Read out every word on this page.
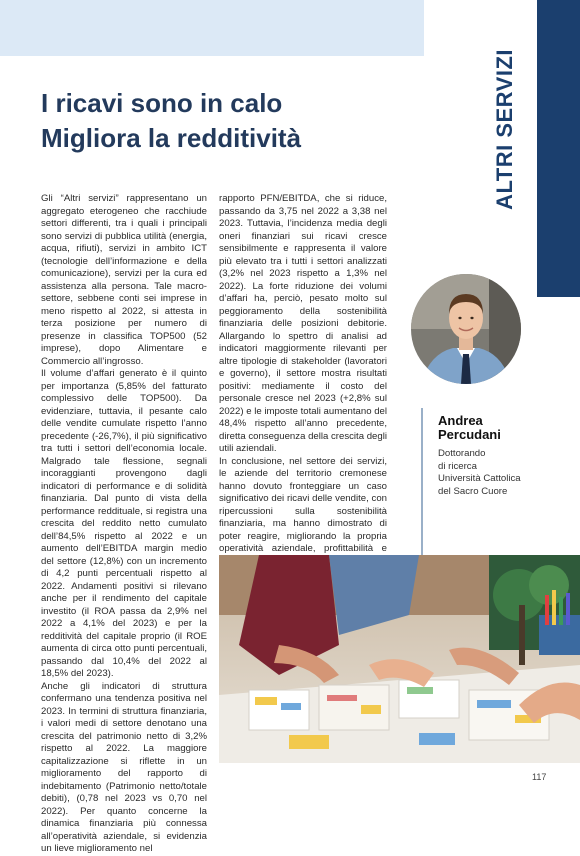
ALTRI SERVIZI
I ricavi sono in calo
Migliora la redditività

Gli “Altri servizi” rappresentano un aggregato eterogeneo che racchiude settori differenti, tra i quali i principali sono servizi di pubblica utilità (energia, acqua, rifiuti), servizi in ambito ICT (tecnologie dell’informazione e della comunicazione), servizi per la cura ed assistenza alla persona. Tale macro-settore, sebbene conti sei imprese in meno rispetto al 2022, si attesta in terza posizione per numero di presenze in classifica TOP500 (52 imprese), dopo Alimentare e Commercio all’ingrosso.

Il volume d’affari generato è il quinto per importanza (5,85% del fatturato complessivo delle TOP500). Da evidenziare, tuttavia, il pesante calo delle vendite cumulate rispetto l’anno precedente (-26,7%), il più significativo tra tutti i settori dell’economia locale. Malgrado tale flessione, segnali incoraggianti provengono dagli indicatori di performance e di solidità finanziaria. Dal punto di vista della performance reddituale, si registra una crescita del reddito netto cumulato dell’84,5% rispetto al 2022 e un aumento dell’EBITDA margin medio del settore (12,8%) con un incremento di 4,2 punti percentuali rispetto al 2022. Andamenti positivi si rilevano anche per il rendimento del capitale investito (il ROA passa da 2,9% nel 2022 a 4,1% del 2023) e per la redditività del capitale proprio (il ROE aumenta di circa otto punti percentuali, passando dal 10,4% del 2022 al 18,5% del 2023).

Anche gli indicatori di struttura confermano una tendenza positiva nel 2023. In termini di struttura finanziaria, i valori medi di settore denotano una crescita del patrimonio netto di 3,2% rispetto al 2022. La maggiore capitalizzazione si riflette in un miglioramento del rapporto di indebitamento (Patrimonio netto/totale debiti), (0,78 nel 2023 vs 0,70 nel 2022). Per quanto concerne la dinamica finanziaria più connessa all’operatività aziendale, si evidenzia un lieve miglioramento nel

rapporto PFN/EBITDA, che si riduce, passando da 3,75 nel 2022 a 3,38 nel 2023. Tuttavia, l’incidenza media degli oneri finanziari sui ricavi cresce sensibilmente e rappresenta il valore più elevato tra i tutti i settori analizzati (3,2% nel 2023 rispetto a 1,3% nel 2022). La forte riduzione dei volumi d’affari ha, perciò, pesato molto sul peggioramento della sostenibilità finanziaria delle posizioni debitorie. Allargando lo spettro di analisi ad indicatori maggiormente rilevanti per altre tipologie di stakeholder (lavoratori e governo), il settore mostra risultati positivi: mediamente il costo del personale cresce nel 2023 (+2,8% sul 2022) e le imposte totali aumentano del 48,4% rispetto all’anno precedente, diretta conseguenza della crescita degli utili aziendali.

In conclusione, nel settore dei servizi, le aziende del territorio cremonese hanno dovuto fronteggiare un caso significativo dei ricavi delle vendite, con ripercussioni sulla sostenibilità finanziaria, ma hanno dimostrato di poter reagire, migliorando la propria operatività aziendale, profittabilità e

Andrea
Percudani
Dottorando
di ricerca
Università Cattolica
del Sacro Cuore
117
